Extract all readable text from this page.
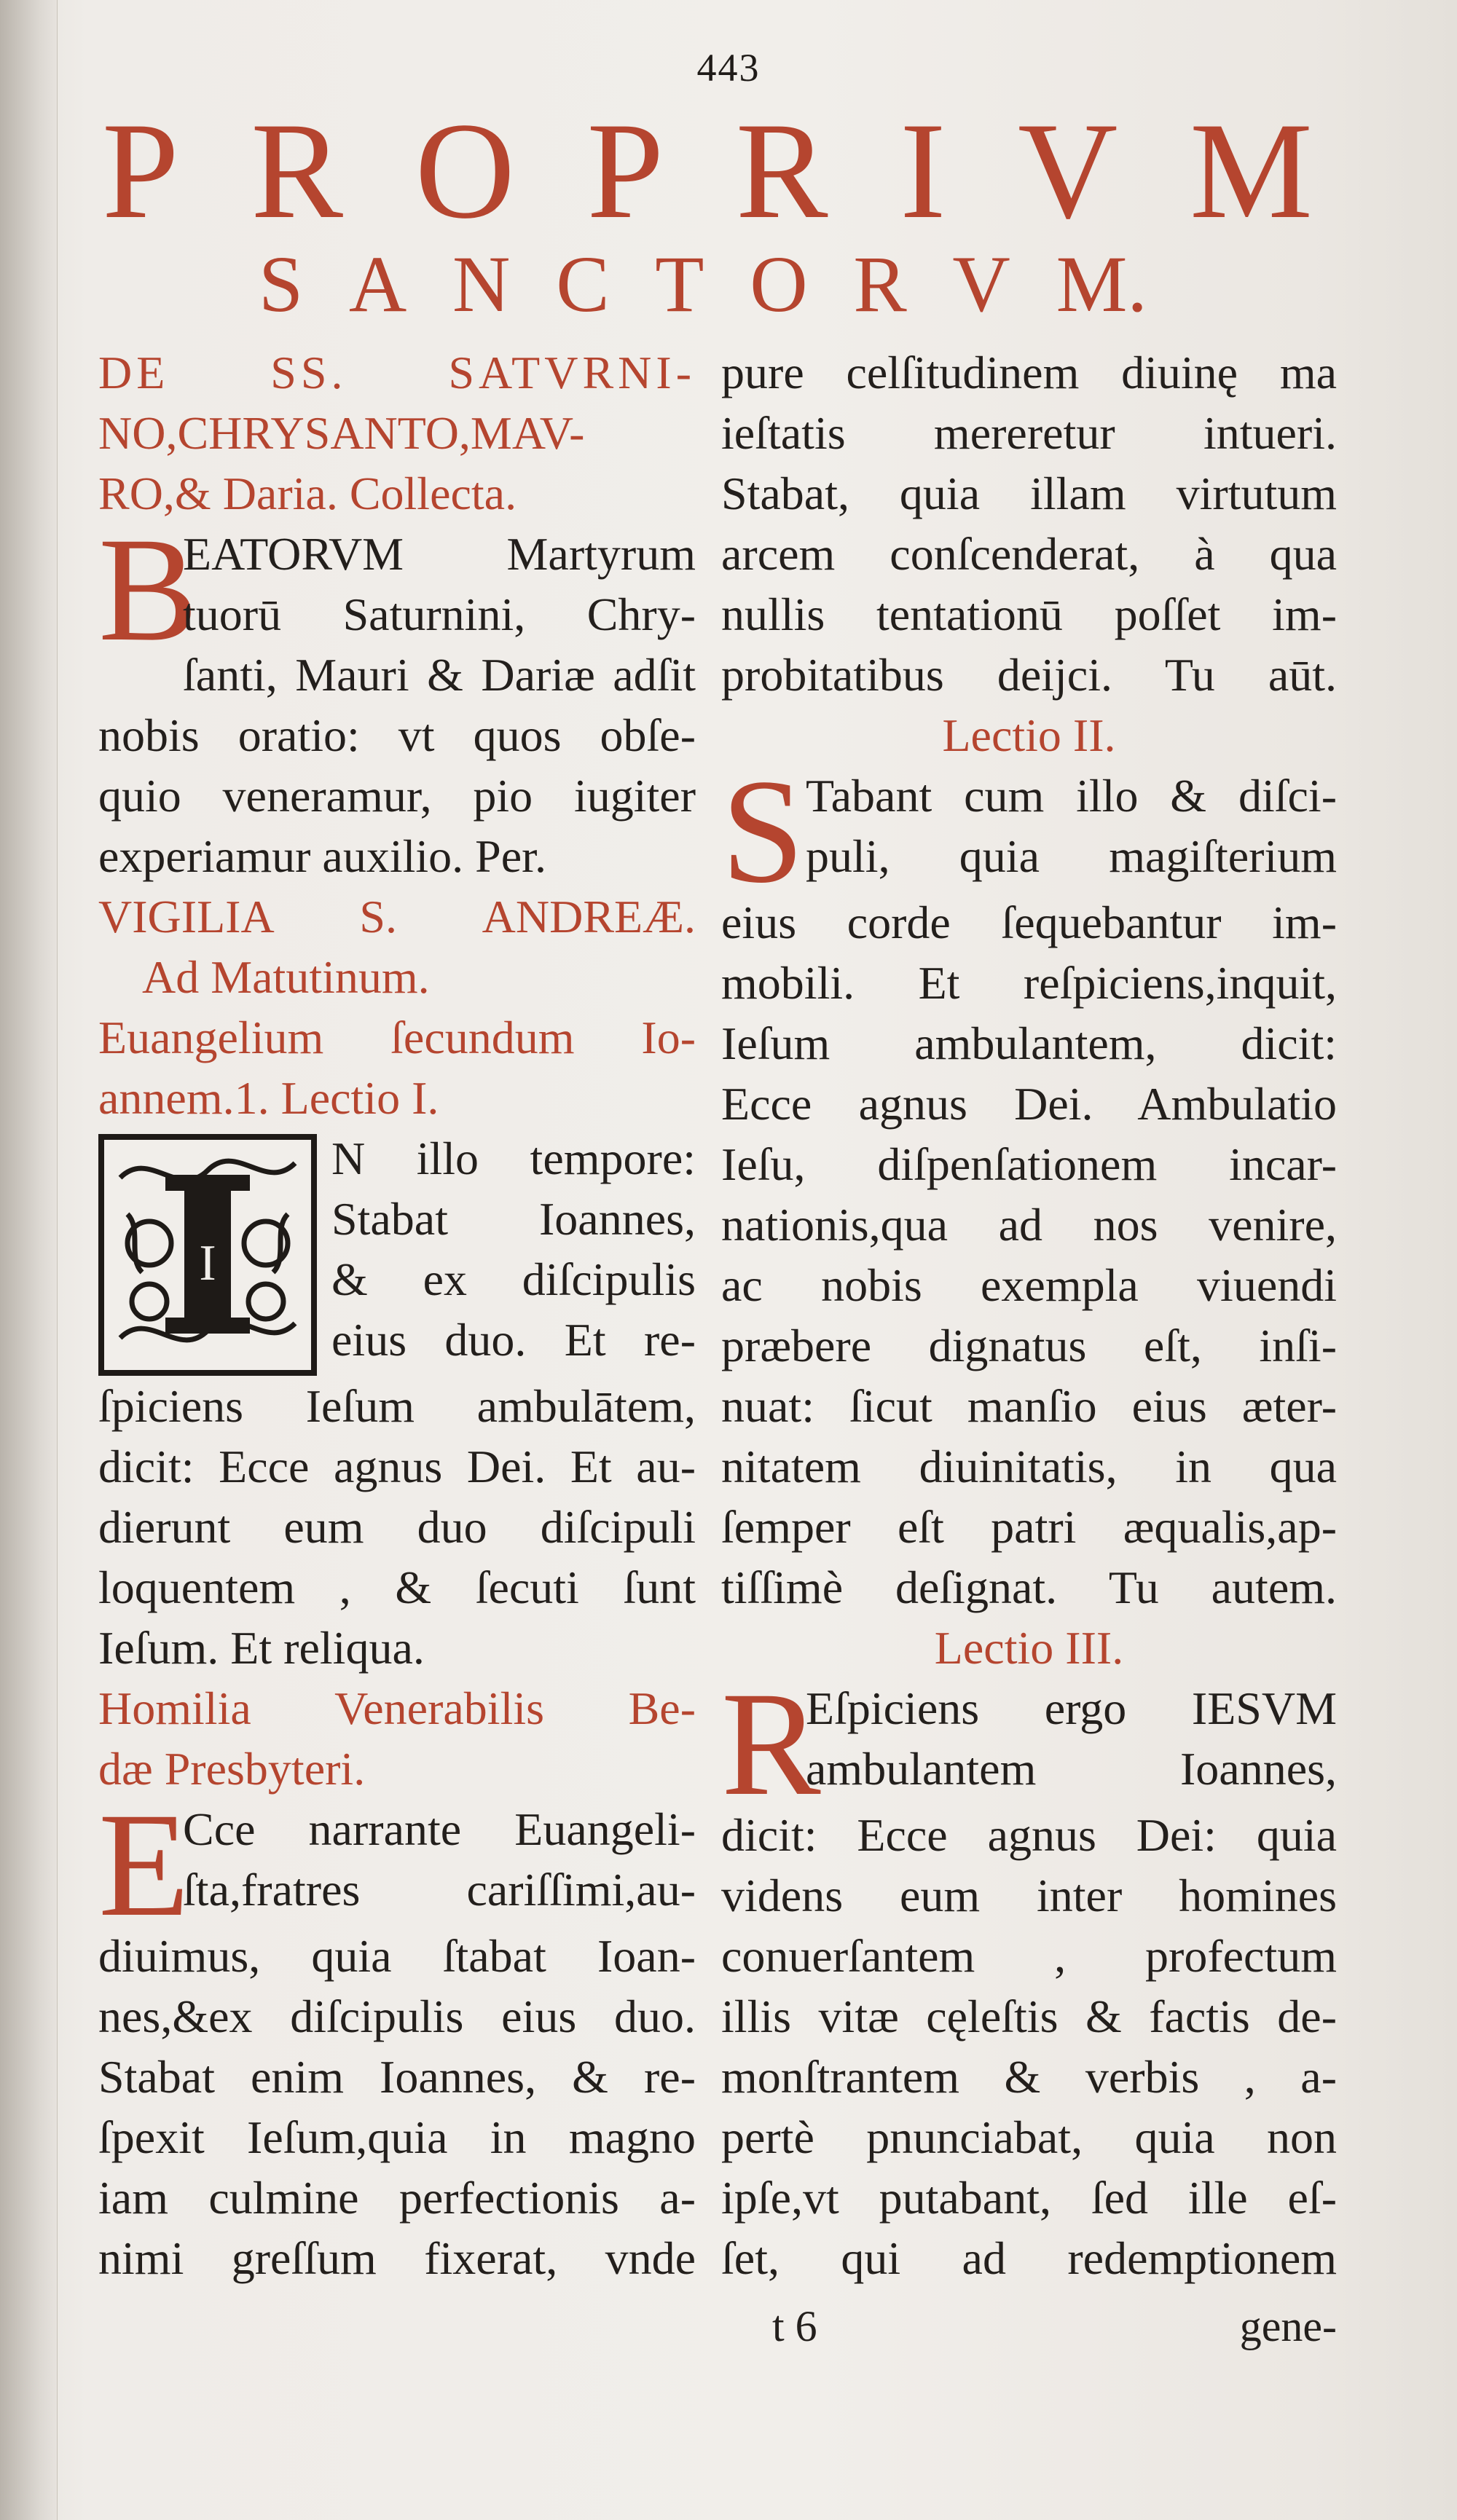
443
P R O P R I V M
S A N C T O R V M.
DE SS. SATVRNI-
NO,CHRYSANTO,MAV-
RO,& Daria. Collecta.
B
EATORVM Martyrum
tuorū Saturnini, Chry-
ſanti, Mauri & Dariæ adſit
nobis oratio: vt quos obſe-
quio veneramur, pio iugiter
experiamur auxilio. Per.
VIGILIA S. ANDREÆ.
Ad Matutinum.
Euangelium ſecundum Io-
annem.1. Lectio I.
I
N illo tempore:
Stabat Ioannes,
& ex diſcipulis
eius duo. Et re-
ſpiciens Ieſum ambulātem,
dicit: Ecce agnus Dei. Et au-
dierunt eum duo diſcipuli
loquentem , & ſecuti ſunt
Ieſum. Et reliqua.
Homilia Venerabilis Be-
dæ Presbyteri.
E
Cce narrante Euangeli-
ſta,fratres cariſſimi,au-
diuimus, quia ſtabat Ioan-
nes,&ex diſcipulis eius duo.
Stabat enim Ioannes, & re-
ſpexit Ieſum,quia in magno
iam culmine perfectionis a-
nimi greſſum fixerat, vnde
pure celſitudinem diuinę ma
ieſtatis mereretur intueri.
Stabat, quia illam virtutum
arcem conſcenderat, à qua
nullis tentationū poſſet im-
probitatibus deijci. Tu aūt.
Lectio II.
S Tabant cum illo & diſci-
puli, quia magiſterium
eius corde ſequebantur im-
mobili. Et reſpiciens,inquit,
Ieſum ambulantem, dicit:
Ecce agnus Dei. Ambulatio
Ieſu, diſpenſationem incar-
nationis,qua ad nos venire,
ac nobis exempla viuendi
præbere dignatus eſt, inſi-
nuat: ſicut manſio eius æter-
nitatem diuinitatis, in qua
ſemper eſt patri æqualis,ap-
tiſſimè deſignat. Tu autem.
Lectio III.
R
Eſpiciens ergo IESVM
ambulantem Ioannes,
dicit: Ecce agnus Dei: quia
videns eum inter homines
conuerſantem , profectum
illis vitæ cęleſtis & factis de-
monſtrantem & verbis , a-
pertè pnunciabat, quia non
ipſe,vt putabant, ſed ille eſ-
ſet, qui ad redemptionem
t 6	gene-
